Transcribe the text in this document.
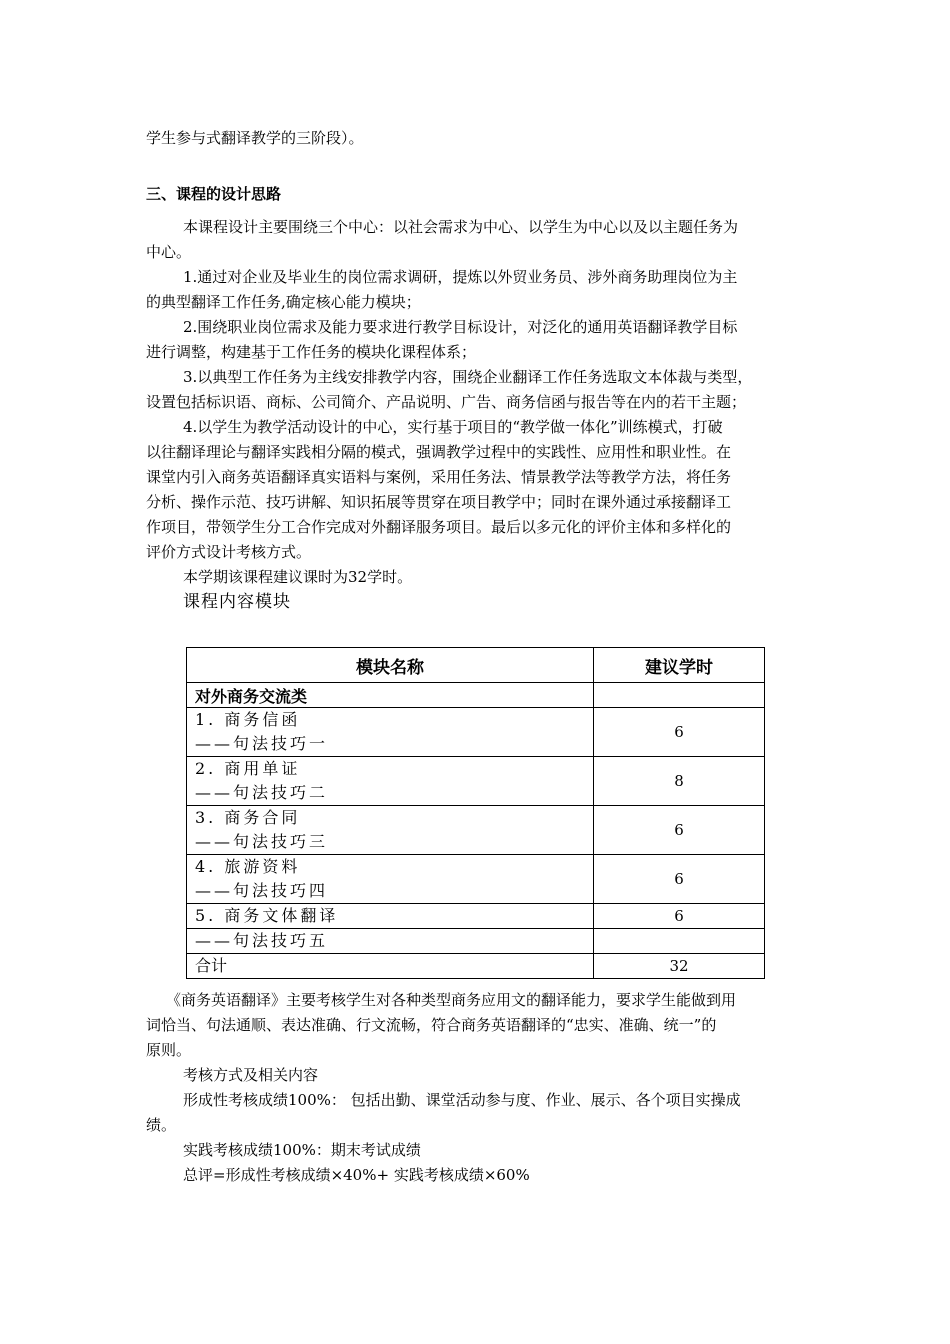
学生参与式翻译教学的三阶段）。
三、课程的设计思路
本课程设计主要围绕三个中心：以社会需求为中心、以学生为中心以及以主题任务为
中心。
1.通过对企业及毕业生的岗位需求调研，提炼以外贸业务员、涉外商务助理岗位为主
的典型翻译工作任务,确定核心能力模块；
2.围绕职业岗位需求及能力要求进行教学目标设计，对泛化的通用英语翻译教学目标
进行调整，构建基于工作任务的模块化课程体系；
3.以典型工作任务为主线安排教学内容，围绕企业翻译工作任务选取文本体裁与类型，
设置包括标识语、商标、公司简介、产品说明、广告、商务信函与报告等在内的若干主题；
4.以学生为教学活动设计的中心，实行基于项目的“教学做一体化”训练模式，打破
以往翻译理论与翻译实践相分隔的模式，强调教学过程中的实践性、应用性和职业性。在
课堂内引入商务英语翻译真实语料与案例，采用任务法、情景教学法等教学方法，将任务
分析、操作示范、技巧讲解、知识拓展等贯穿在项目教学中；同时在课外通过承接翻译工
作项目，带领学生分工合作完成对外翻译服务项目。最后以多元化的评价主体和多样化的
评价方式设计考核方式。
本学期该课程建议课时为32学时。
课程内容模块
模块名称	建议学时
对外商务交流类	

1. 商务信函
——句法技巧一	6

2. 商用单证
——句法技巧二	8

3. 商务合同
——句法技巧三	6

4. 旅游资料
——句法技巧四	6
5. 商务文体翻译	6
——句法技巧五	
合计	32
《商务英语翻译》主要考核学生对各种类型商务应用文的翻译能力，要求学生能做到用
词恰当、句法通顺、表达准确、行文流畅，符合商务英语翻译的“忠实、准确、统一”的
原则。
考核方式及相关内容
形成性考核成绩100%： 包括出勤、课堂活动参与度、作业、展示、各个项目实操成
绩。
实践考核成绩100%：期末考试成绩
总评=形成性考核成绩×40%+ 实践考核成绩×60%
